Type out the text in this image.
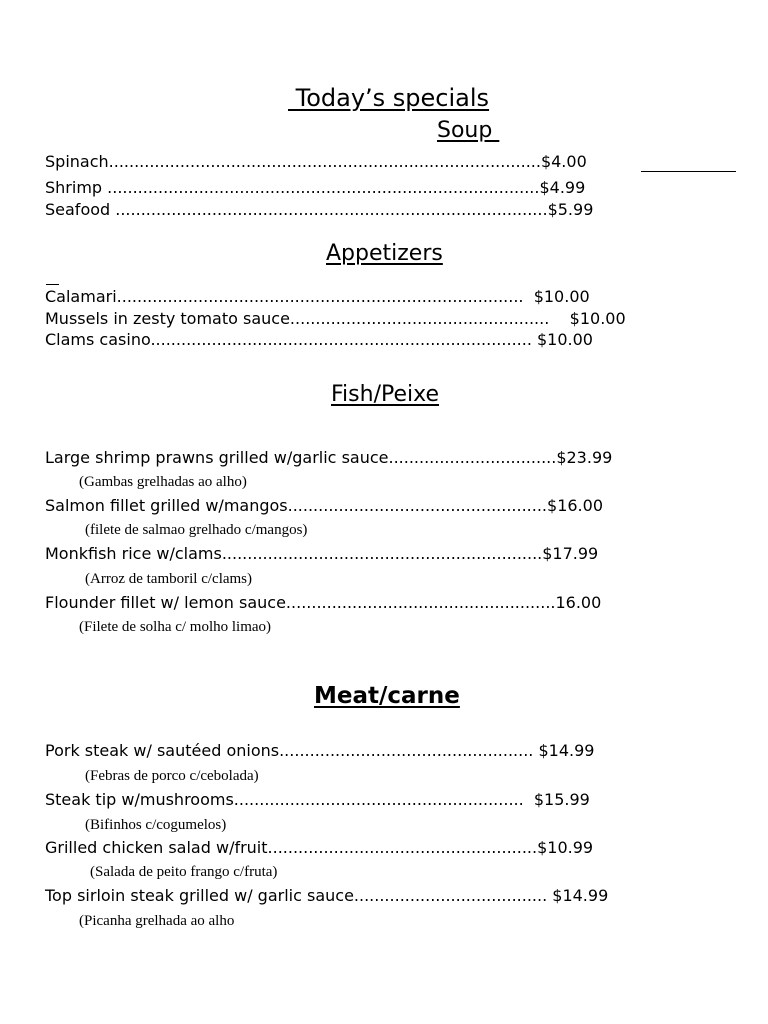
Today’s specials
Soup
Spinach.....................................................................................$4.00
Shrimp .....................................................................................$4.99
Seafood .....................................................................................$5.99
Appetizers
Calamari................................................................................  $10.00
Mussels in zesty tomato sauce...................................................    $10.00
Clams casino........................................................................... $10.00
Fish/Peixe
Large shrimp prawns grilled w/garlic sauce.................................$23.99
(Gambas grelhadas ao alho)
Salmon fillet grilled w/mangos...................................................$16.00
(filete de salmao grelhado c/mangos)
Monkfish rice w/clams...............................................................$17.99
(Arroz de tamboril c/clams)
Flounder fillet w/ lemon sauce.....................................................16.00
(Filete de solha c/ molho limao)
Meat/carne
Pork steak w/ sautéed onions.................................................. $14.99
(Febras de porco c/cebolada)
Steak tip w/mushrooms.........................................................  $15.99
(Bifinhos c/cogumelos)
Grilled chicken salad w/fruit.....................................................$10.99
(Salada de peito frango c/fruta)
Top sirloin steak grilled w/ garlic sauce...................................... $14.99
(Picanha grelhada ao alho
